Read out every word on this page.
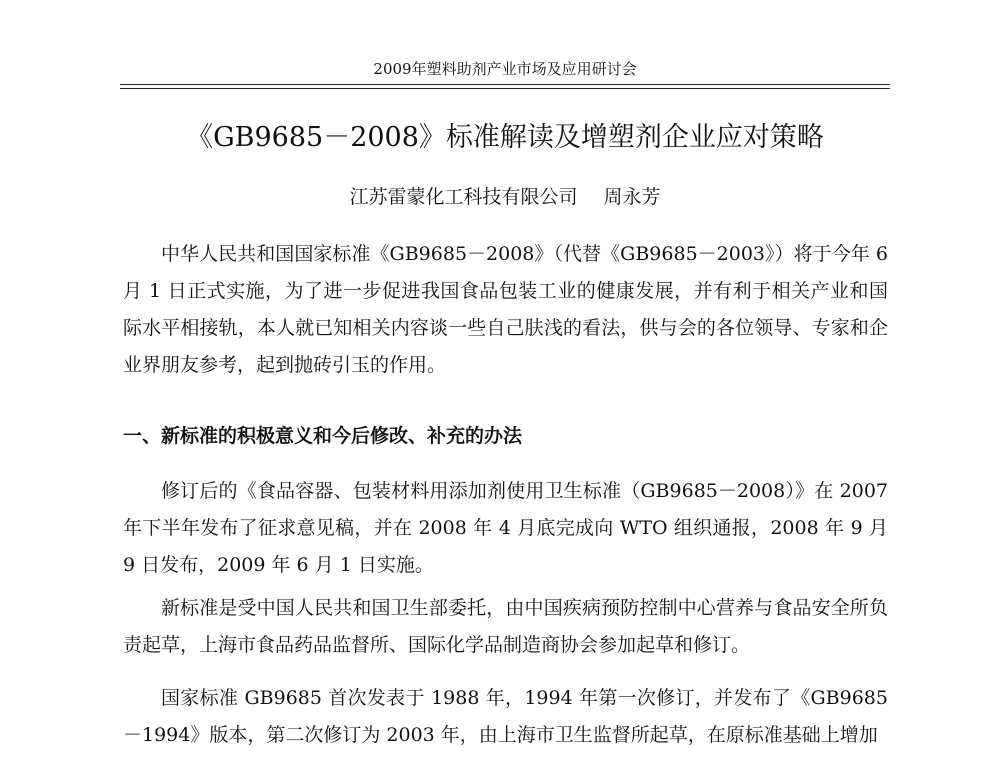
2009年塑料助剂产业市场及应用研讨会
《GB9685－2008》标准解读及增塑剂企业应对策略
江苏雷蒙化工科技有限公司 周永芳

中华人民共和国国家标准《GB9685－2008》（代替《GB9685－2003》）将于今年 6 月 1 日正式实施，为了进一步促进我国食品包装工业的健康发展，并有利于相关产业和国际水平相接轨，本人就已知相关内容谈一些自己肤浅的看法，供与会的各位领导、专家和企业界朋友参考，起到抛砖引玉的作用。

一、新标准的积极意义和今后修改、补充的办法

修订后的《食品容器、包装材料用添加剂使用卫生标准（GB9685－2008）》在 2007 年下半年发布了征求意见稿，并在 2008 年 4 月底完成向 WTO 组织通报，2008 年 9 月 9 日发布，2009 年 6 月 1 日实施。

新标准是受中国人民共和国卫生部委托，由中国疾病预防控制中心营养与食品安全所负责起草，上海市食品药品监督所、国际化学品制造商协会参加起草和修订。

国家标准 GB9685 首次发表于 1988 年，1994 年第一次修订，并发布了《GB9685－1994》版本，第二次修订为 2003 年，由上海市卫生监督所起草，在原标准基础上增加
